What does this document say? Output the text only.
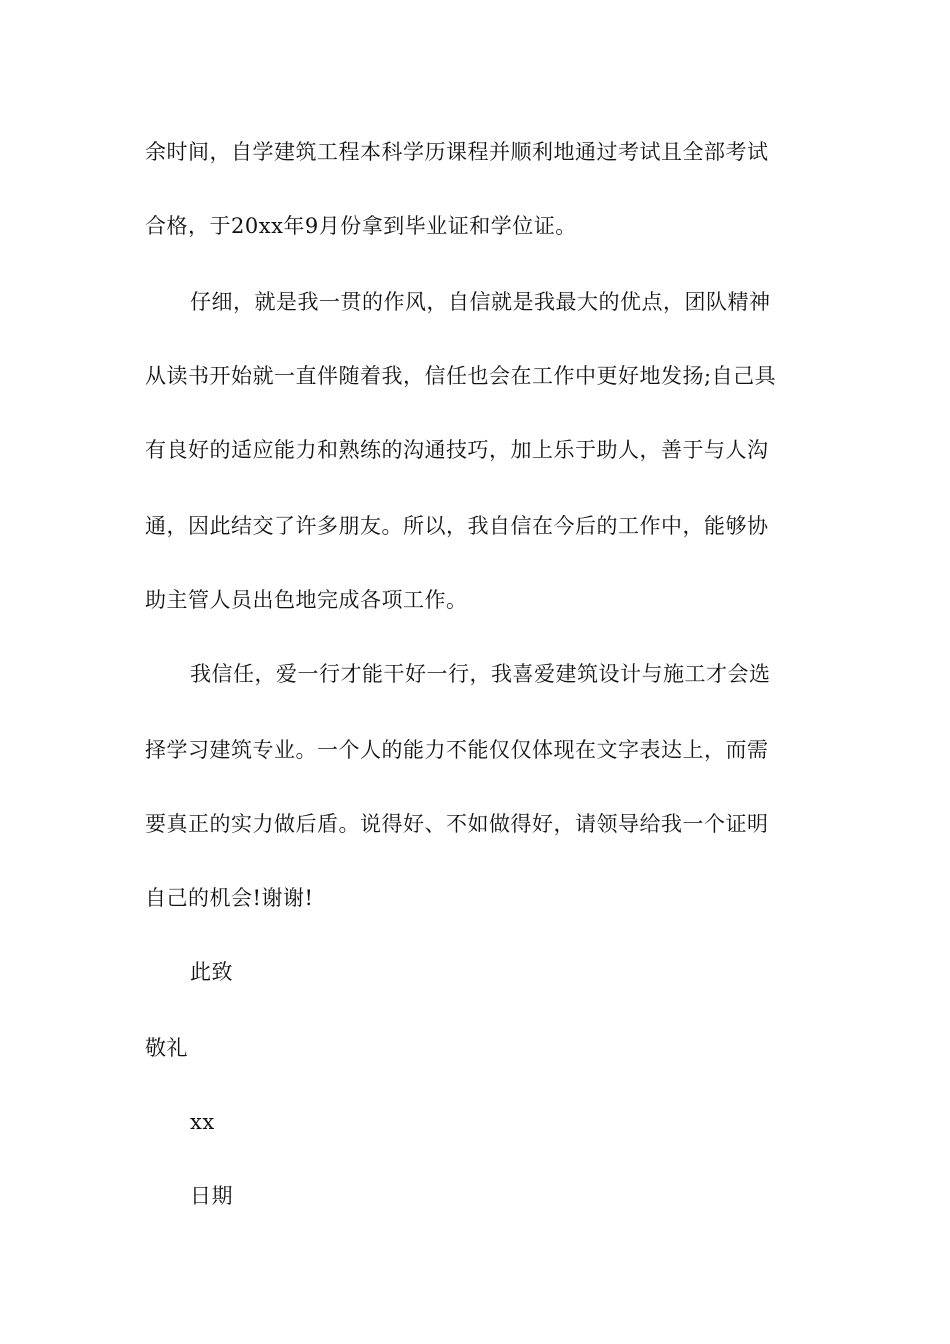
余时间，自学建筑工程本科学历课程并顺利地通过考试且全部考试
合格，于20xx年9月份拿到毕业证和学位证。
仔细，就是我一贯的作风，自信就是我最大的优点，团队精神
从读书开始就一直伴随着我，信任也会在工作中更好地发扬;自己具
有良好的适应能力和熟练的沟通技巧，加上乐于助人，善于与人沟
通，因此结交了许多朋友。所以，我自信在今后的工作中，能够协
助主管人员出色地完成各项工作。
我信任，爱一行才能干好一行，我喜爱建筑设计与施工才会选
择学习建筑专业。一个人的能力不能仅仅体现在文字表达上，而需
要真正的实力做后盾。说得好、不如做得好，请领导给我一个证明
自己的机会!谢谢!
此致
敬礼
xx
日期
